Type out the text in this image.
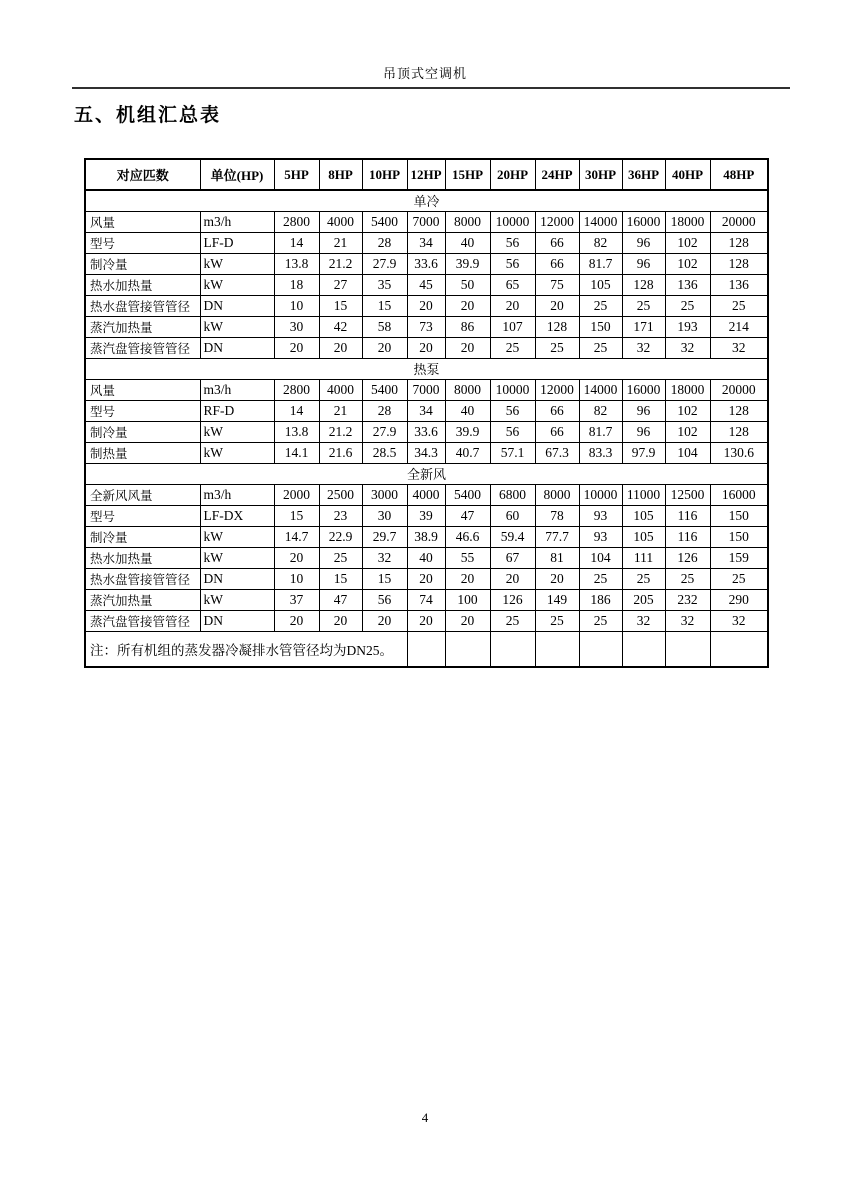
吊顶式空调机
五、机组汇总表
对应匹数	单位(HP)	5HP	8HP	10HP	12HP	15HP	20HP	24HP	30HP	36HP	40HP	48HP
单冷												
风量	m3/h	2800	4000	5400	7000	8000	10000	12000	14000	16000	18000	20000
型号	LF-D	14	21	28	34	40	56	66	82	96	102	128
制冷量	kW	13.8	21.2	27.9	33.6	39.9	56	66	81.7	96	102	128
热水加热量	kW	18	27	35	45	50	65	75	105	128	136	136
热水盘管接管管径	DN	10	15	15	20	20	20	20	25	25	25	25
蒸汽加热量	kW	30	42	58	73	86	107	128	150	171	193	214
蒸汽盘管接管管径	DN	20	20	20	20	20	25	25	25	32	32	32
热泵												
风量	m3/h	2800	4000	5400	7000	8000	10000	12000	14000	16000	18000	20000
型号	RF-D	14	21	28	34	40	56	66	82	96	102	128
制冷量	kW	13.8	21.2	27.9	33.6	39.9	56	66	81.7	96	102	128
制热量	kW	14.1	21.6	28.5	34.3	40.7	57.1	67.3	83.3	97.9	104	130.6
全新风												
全新风风量	m3/h	2000	2500	3000	4000	5400	6800	8000	10000	11000	12500	16000
型号	LF-DX	15	23	30	39	47	60	78	93	105	116	150
制冷量	kW	14.7	22.9	29.7	38.9	46.6	59.4	77.7	93	105	116	150
热水加热量	kW	20	25	32	40	55	67	81	104	111	126	159
热水盘管接管管径	DN	10	15	15	20	20	20	20	25	25	25	25
蒸汽加热量	kW	37	47	56	74	100	126	149	186	205	232	290
蒸汽盘管接管管径	DN	20	20	20	20	20	25	25	25	32	32	32
注：所有机组的蒸发器冷凝排水管管径均为DN25。												
4
